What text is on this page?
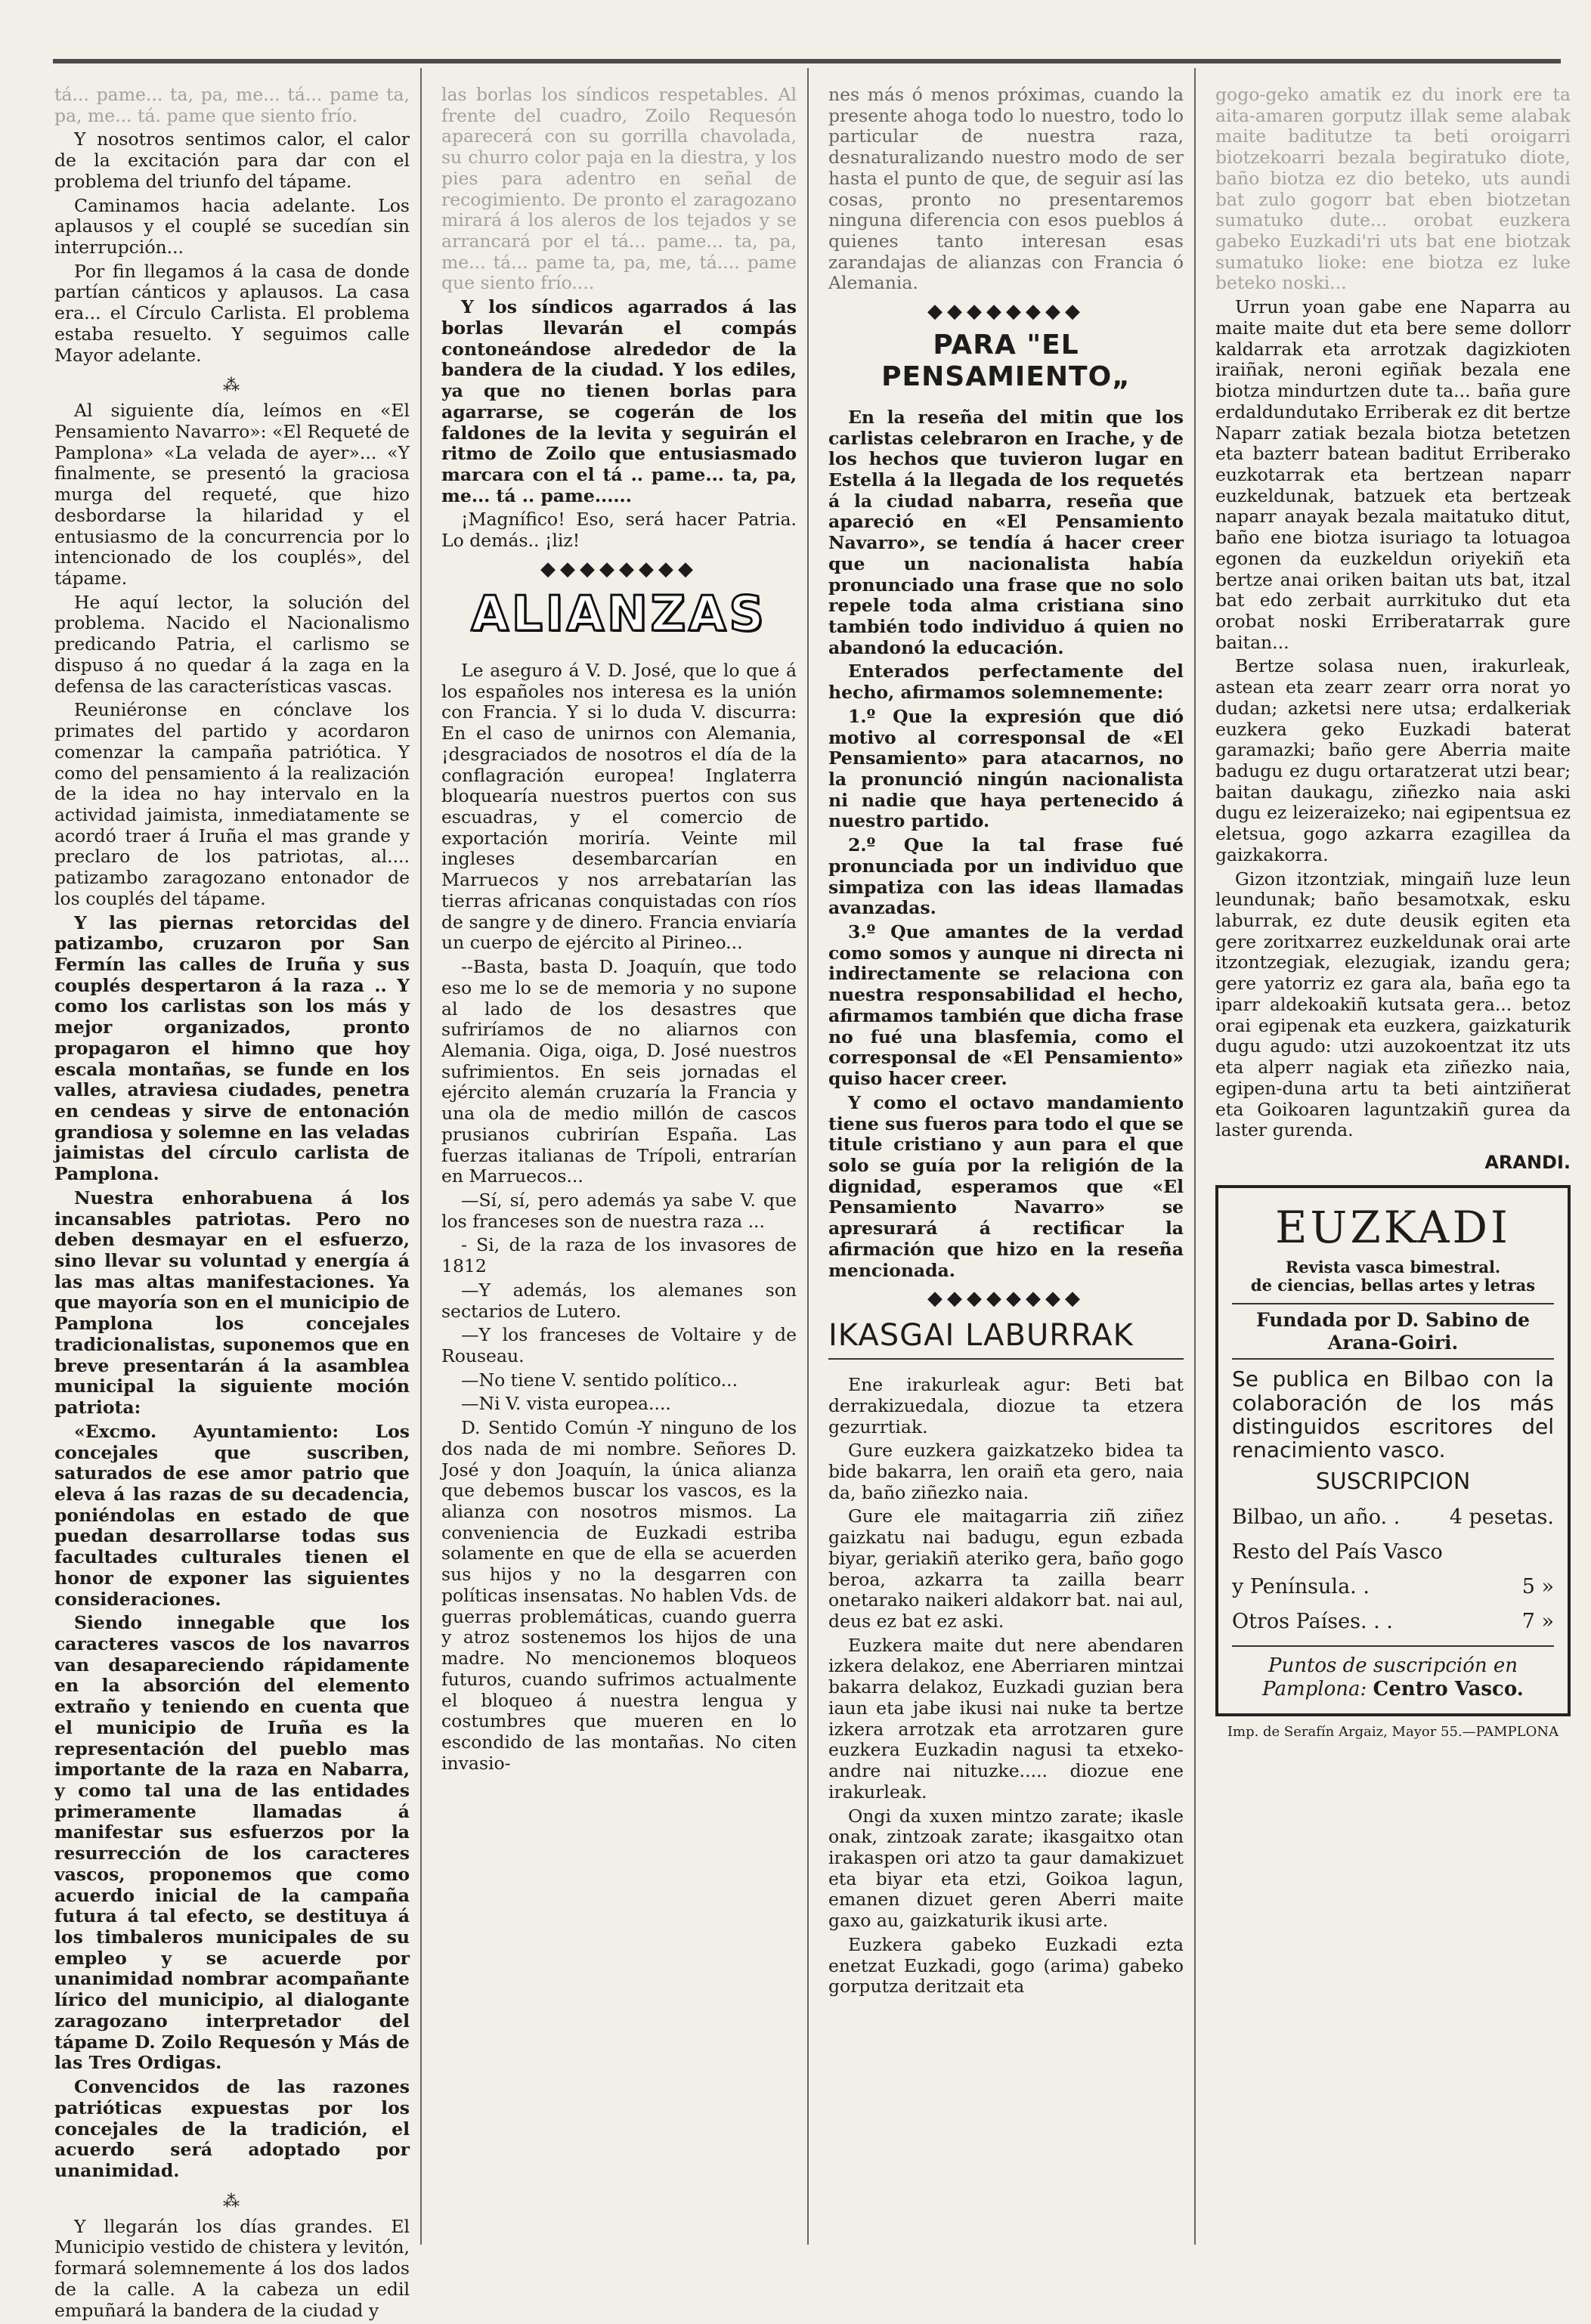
tá... pame... ta, pa, me... tá... pame ta, pa, me... tá. pame que siento frío.

Y nosotros sentimos calor, el calor de la excitación para dar con el problema del triunfo del tápame.

Caminamos hacia adelante. Los aplausos y el couplé se sucedían sin interrupción...

Por fin llegamos á la casa de donde partían cánticos y aplausos. La casa era... el Círculo Carlista. El problema estaba resuelto. Y seguimos calle Mayor adelante.

⁂

Al siguiente día, leímos en «El Pensamiento Navarro»: «El Requeté de Pamplona» «La velada de ayer»... «Y finalmente, se presentó la graciosa murga del requeté, que hizo desbordarse la hilaridad y el entusiasmo de la concurrencia por lo intencionado de los couplés», del tápame.

He aquí lector, la solución del problema. Nacido el Nacionalismo predicando Patria, el carlismo se dispuso á no quedar á la zaga en la defensa de las características vascas.

Reuniéronse en cónclave los primates del partido y acordaron comenzar la campaña patriótica. Y como del pensamiento á la realización de la idea no hay intervalo en la actividad jaimista, inmediatamente se acordó traer á Iruña el mas grande y preclaro de los patriotas, al.... patizambo zaragozano entonador de los couplés del tápame.

Y las piernas retorcidas del patizambo, cruzaron por San Fermín las calles de Iruña y sus couplés despertaron á la raza .. Y como los carlistas son los más y mejor organizados, pronto propagaron el himno que hoy escala montañas, se funde en los valles, atraviesa ciudades, penetra en cendeas y sirve de entonación grandiosa y solemne en las veladas jaimistas del círculo carlista de Pamplona.

Nuestra enhorabuena á los incansables patriotas. Pero no deben desmayar en el esfuerzo, sino llevar su voluntad y energía á las mas altas manifestaciones. Ya que mayoría son en el municipio de Pamplona los concejales tradicionalistas, suponemos que en breve presentarán á la asamblea municipal la siguiente moción patriota:

«Excmo. Ayuntamiento: Los concejales que suscriben, saturados de ese amor patrio que eleva á las razas de su decadencia, poniéndolas en estado de que puedan desarrollarse todas sus facultades culturales tienen el honor de exponer las siguientes consideraciones.

Siendo innegable que los caracteres vascos de los navarros van desapareciendo rápidamente en la absorción del elemento extraño y teniendo en cuenta que el municipio de Iruña es la representación del pueblo mas importante de la raza en Nabarra, y como tal una de las entidades primeramente llamadas á manifestar sus esfuerzos por la resurrección de los caracteres vascos, proponemos que como acuerdo inicial de la campaña futura á tal efecto, se destituya á los timbaleros municipales de su empleo y se acuerde por unanimidad nombrar acompañante lírico del municipio, al dialogante zaragozano interpretador del tápame D. Zoilo Requesón y Más de las Tres Ordigas.

Convencidos de las razones patrióticas expuestas por los concejales de la tradición, el acuerdo será adoptado por unanimidad.

⁂

Y llegarán los días grandes. El Municipio vestido de chistera y levitón, formará solemnemente á los dos lados de la calle. A la cabeza un edil empuñará la bandera de la ciudad y

las borlas los síndicos respetables. Al frente del cuadro, Zoilo Requesón aparecerá con su gorrilla chavolada, su churro color paja en la diestra, y los pies para adentro en señal de recogimiento. De pronto el zaragozano mirará á los aleros de los tejados y se arrancará por el tá... pame... ta, pa, me... tá... pame ta, pa, me, tá.... pame que siento frío....

Y los síndicos agarrados á las borlas llevarán el compás contoneándose alrededor de la bandera de la ciudad. Y los ediles, ya que no tienen borlas para agarrarse, se cogerán de los faldones de la levita y seguirán el ritmo de Zoilo que entusiasmado marcara con el tá .. pame... ta, pa, me... tá .. pame......

¡Magnífico! Eso, será hacer Patria. Lo demás.. ¡liz!

◆◆◆◆◆◆◆◆
ALIANZAS

Le aseguro á V. D. José, que lo que á los españoles nos interesa es la unión con Francia. Y si lo duda V. discurra: En el caso de unirnos con Alemania, ¡desgraciados de nosotros el día de la conflagración europea! Inglaterra bloquearía nuestros puertos con sus escuadras, y el comercio de exportación moriría. Veinte mil ingleses desembarcarían en Marruecos y nos arrebatarían las tierras africanas conquistadas con ríos de sangre y de dinero. Francia enviaría un cuerpo de ejército al Pirineo...

--Basta, basta D. Joaquín, que todo eso me lo se de memoria y no supone al lado de los desastres que sufriríamos de no aliarnos con Alemania. Oiga, oiga, D. José nuestros sufrimientos. En seis jornadas el ejército alemán cruzaría la Francia y una ola de medio millón de cascos prusianos cubrirían España. Las fuerzas italianas de Trípoli, entrarían en Marruecos...

—Sí, sí, pero además ya sabe V. que los franceses son de nuestra raza ...

- Si, de la raza de los invasores de 1812

—Y además, los alemanes son sectarios de Lutero.

—Y los franceses de Voltaire y de Rouseau.

—No tiene V. sentido político...

—Ni V. vista europea....

D. Sentido Común -Y ninguno de los dos nada de mi nombre. Señores D. José y don Joaquín, la única alianza que debemos buscar los vascos, es la alianza con nosotros mismos. La conveniencia de Euzkadi estriba solamente en que de ella se acuerden sus hijos y no la desgarren con políticas insensatas. No hablen Vds. de guerras problemáticas, cuando guerra y atroz sostenemos los hijos de una madre. No mencionemos bloqueos futuros, cuando sufrimos actualmente el bloqueo á nuestra lengua y costumbres que mueren en lo escondido de las montañas. No citen invasio-

nes más ó menos próximas, cuando la presente ahoga todo lo nuestro, todo lo particular de nuestra raza, desnaturalizando nuestro modo de ser hasta el punto de que, de seguir así las cosas, pronto no presentaremos ninguna diferencia con esos pueblos á quienes tanto interesan esas zarandajas de alianzas con Francia ó Alemania.

◆◆◆◆◆◆◆◆
PARA "EL PENSAMIENTO„

En la reseña del mitin que los carlistas celebraron en Irache, y de los hechos que tuvieron lugar en Estella á la llegada de los requetés á la ciudad nabarra, reseña que apareció en «El Pensamiento Navarro», se tendía á hacer creer que un nacionalista había pronunciado una frase que no solo repele toda alma cristiana sino también todo individuo á quien no abandonó la educación.

Enterados perfectamente del hecho, afirmamos solemnemente:

1.º Que la expresión que dió motivo al corresponsal de «El Pensamiento» para atacarnos, no la pronunció ningún nacionalista ni nadie que haya pertenecido á nuestro partido.

2.º Que la tal frase fué pronunciada por un individuo que simpatiza con las ideas llamadas avanzadas.

3.º Que amantes de la verdad como somos y aunque ni directa ni indirectamente se relaciona con nuestra responsabilidad el hecho, afirmamos también que dicha frase no fué una blasfemia, como el corresponsal de «El Pensamiento» quiso hacer creer.

Y como el octavo mandamiento tiene sus fueros para todo el que se titule cristiano y aun para el que solo se guía por la religión de la dignidad, esperamos que «El Pensamiento Navarro» se apresurará á rectificar la afirmación que hizo en la reseña mencionada.

◆◆◆◆◆◆◆◆
IKASGAI LABURRAK

Ene irakurleak agur: Beti bat derrakizuedala, diozue ta etzera gezurrtiak.

Gure euzkera gaizkatzeko bidea ta bide bakarra, len oraiñ eta gero, naia da, baño ziñezko naia.

Gure ele maitagarria ziñ ziñez gaizkatu nai badugu, egun ezbada biyar, geriakiñ ateriko gera, baño gogo beroa, azkarra ta zailla bearr onetarako naikeri aldakorr bat. nai aul, deus ez bat ez aski.

Euzkera maite dut nere abendaren izkera delakoz, ene Aberriaren mintzai bakarra delakoz, Euzkadi guzian bera iaun eta jabe ikusi nai nuke ta bertze izkera arrotzak eta arrotzaren gure euzkera Euzkadin nagusi ta etxeko-andre nai nituzke..... diozue ene irakurleak.

Ongi da xuxen mintzo zarate; ikasle onak, zintzoak zarate; ikasgaitxo otan irakaspen ori atzo ta gaur damakizuet eta biyar eta etzi, Goikoa lagun, emanen dizuet geren Aberri maite gaxo au, gaizkaturik ikusi arte.

Euzkera gabeko Euzkadi ezta enetzat Euzkadi, gogo (arima) gabeko gorputza deritzait eta

gogo-geko amatik ez du inork ere ta aita-amaren gorputz illak seme alabak maite baditutze ta beti oroigarri biotzekoarri bezala begiratuko diote, baño biotza ez dio beteko, uts aundi bat zulo gogorr bat eben biotzetan sumatuko dute... orobat euzkera gabeko Euzkadi'ri uts bat ene biotzak sumatuko lioke: ene biotza ez luke beteko noski...

Urrun yoan gabe ene Naparra au maite maite dut eta bere seme dollorr kaldarrak eta arrotzak dagizkioten iraiñak, neroni egiñak bezala ene biotza mindurtzen dute ta... baña gure erdaldundutako Erriberak ez dit bertze Naparr zatiak bezala biotza betetzen eta bazterr batean baditut Erriberako euzkotarrak eta bertzean naparr euzkeldunak, batzuek eta bertzeak naparr anayak bezala maitatuko ditut, baño ene biotza isuriago ta lotuagoa egonen da euzkeldun oriyekiñ eta bertze anai oriken baitan uts bat, itzal bat edo zerbait aurrkituko dut eta orobat noski Erriberatarrak gure baitan...

Bertze solasa nuen, irakurleak, astean eta zearr zearr orra norat yo dudan; azketsi nere utsa; erdalkeriak euzkera geko Euzkadi baterat garamazki; baño gere Aberria maite badugu ez dugu ortaratzerat utzi bear; baitan daukagu, ziñezko naia aski dugu ez leizeraizeko; nai egipentsua ez eletsua, gogo azkarra ezagillea da gaizkakorra.

Gizon itzontziak, mingaiñ luze leun leundunak; baño besamotxak, esku laburrak, ez dute deusik egiten eta gere zoritxarrez euzkeldunak orai arte itzontzegiak, elezugiak, izandu gera; gere yatorriz ez gara ala, baña ego ta iparr aldekoakiñ kutsata gera... betoz orai egipenak eta euzkera, gaizkaturik dugu agudo: utzi auzokoentzat itz uts eta alperr nagiak eta ziñezko naia, egipen-duna artu ta beti aintziñerat eta Goikoaren laguntzakiñ gurea da laster gurenda.

ARANDI.
EUZKADI
Revista vasca bimestral.
de ciencias, bellas artes y letras
Fundada por D. Sabino de Arana-Goiri.
Se publica en Bilbao con la colaboración de los más distinguidos escritores del renacimiento vasco.
SUSCRIPCION
Bilbao, un año. . 4 pesetas.
Resto del País Vasco
y Península. .	5 »
Otros Países. . .	7 »
Puntos de suscripción en
Pamplona: Centro Vasco.
Imp. de Serafín Argaiz, Mayor 55.—PAMPLONA
